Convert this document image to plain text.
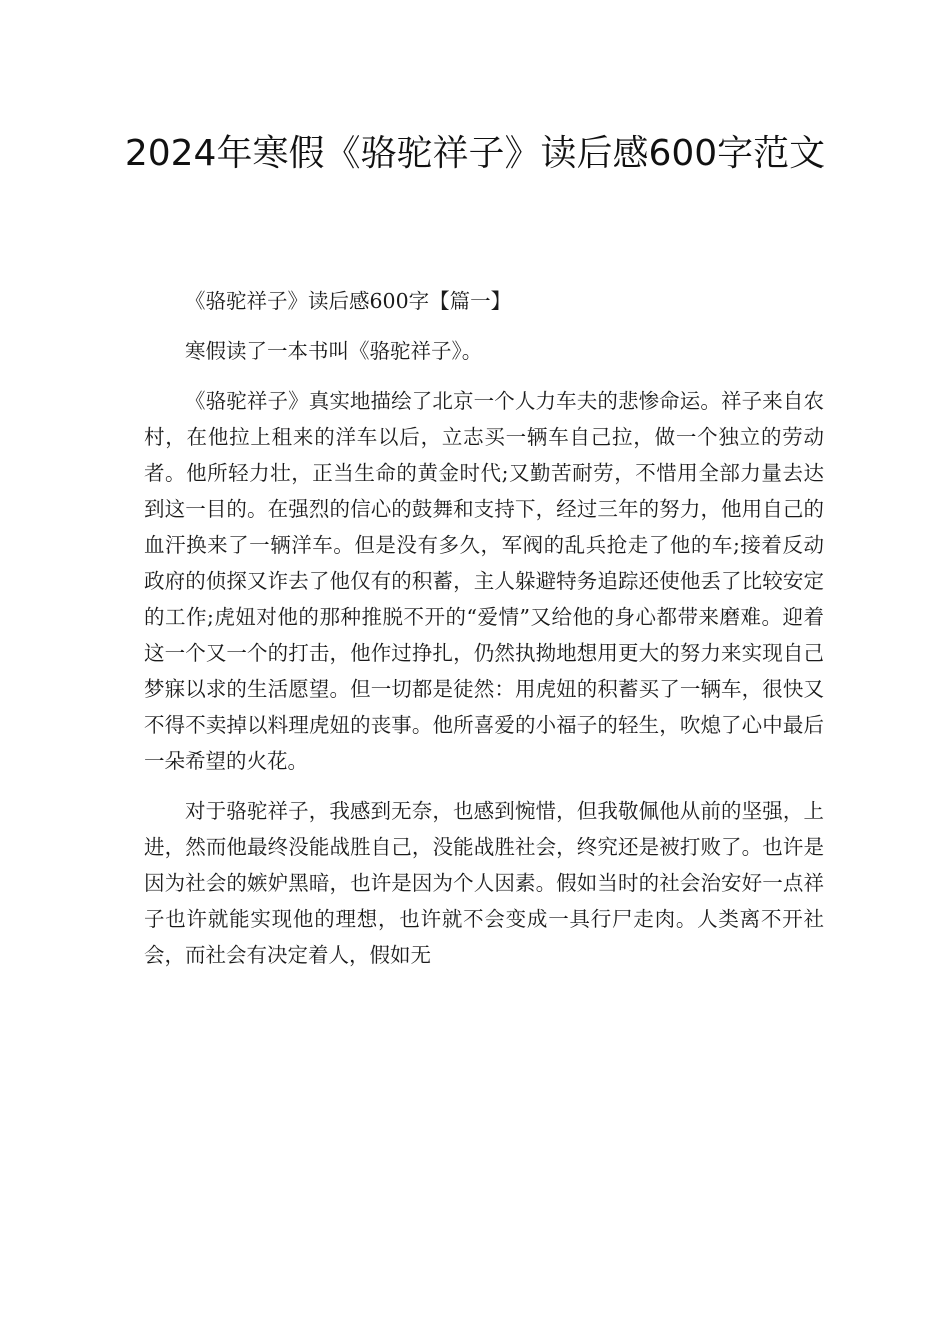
2024年寒假《骆驼祥子》读后感600字范文

《骆驼祥子》读后感600字【篇一】

寒假读了一本书叫《骆驼祥子》。

《骆驼祥子》真实地描绘了北京一个人力车夫的悲惨命运。祥子来自农村，在他拉上租来的洋车以后，立志买一辆车自己拉，做一个独立的劳动者。他所轻力壮，正当生命的黄金时代;又勤苦耐劳，不惜用全部力量去达到这一目的。在强烈的信心的鼓舞和支持下，经过三年的努力，他用自己的血汗换来了一辆洋车。但是没有多久，军阀的乱兵抢走了他的车;接着反动政府的侦探又诈去了他仅有的积蓄，主人躲避特务追踪还使他丢了比较安定的工作;虎妞对他的那种推脱不开的“爱情”又给他的身心都带来磨难。迎着这一个又一个的打击，他作过挣扎，仍然执拗地想用更大的努力来实现自己梦寐以求的生活愿望。但一切都是徒然：用虎妞的积蓄买了一辆车，很快又不得不卖掉以料理虎妞的丧事。他所喜爱的小福子的轻生，吹熄了心中最后一朵希望的火花。

对于骆驼祥子，我感到无奈，也感到惋惜，但我敬佩他从前的坚强，上进，然而他最终没能战胜自己，没能战胜社会，终究还是被打败了。也许是因为社会的嫉妒黑暗，也许是因为个人因素。假如当时的社会治安好一点祥子也许就能实现他的理想，也许就不会变成一具行尸走肉。人类离不开社会，而社会有决定着人，假如无
